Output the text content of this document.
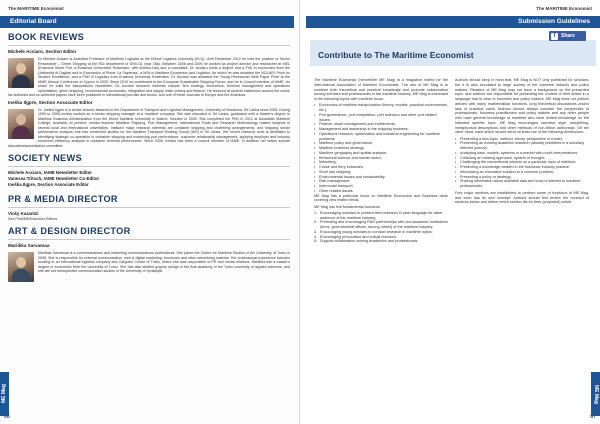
The MARITIME Economist
Editorial Board
BOOK REVIEWS
Michele Acciaro, Section Editor
Dr Michele Acciaro is Assistant Professor of Maritime Logistics at the Kühne Logistics University (KLU). Until December 2012 he held the position of Senior Researcher – Green Shipping at the R&I department of DNV-GL near Oslo. Between 2006 and 2009 he worked as project director and researcher at MEL (Erasmus Smart Port of Erasmus Universiteit Rotterdam, with Anthea-Lau) and a consultant. Dr. Acciaro holds a degree and a PhD in economics from the Università di Cagliari and in Economics of Rome 'La Sapienza', a MSc in Maritime Economics and Logistics, for which he was awarded the NOLARL Prize for Student Excellence, and a PhD in Logistics from Erasmus University Rotterdam. Dr. Acciaro was awarded the Young Researcher Best Paper Prize at the IAME Annual Conference in Cyprus in 2005. Since 2010 he contributed to the European Sustainable Shipping Forum, and he is Council member of IAME, for which he edits the Association's Newsletter. Dr. Acciaro research interests include: firm strategy, economics, terminal management and operations optimization, green shipping, environmental economics, integration and supply chain pricing and finance. He lectured at several institutions around the world; his authored and co-authored papers have been published in international journals and books, and one of these Journals in Europe and the Americas.
Ineška Ilgpre, Section Associate Editor
Dr. Ineška Ilgpre is a senior lecturer attached to the Department of Transport and Logistics Management, University of Moratuwa, Sri Lanka since 2006. During 1990 to 2006 Ineška worked as a senior shipping manager at a maritime company. She was educated in Sri Lanka, graduated with a Master's degree in Maritime Business Administration from the World Maritime University in Malmö, Sweden in 2000. She completed her PhD in 2012 at Australian Maritime College, Australia. At present, Ineška teaches Maritime Shipping, Port Management, International Trade and Research Methodology related subjects in several local and international universities. Ineška's major research interests are container shipping and chartering arrangements, and shipping sector performance analysis; she has conducted studies for the Maritime Transport Working Group (WG) in Sri Lanka. Her recent research work is dedicated to identifying strategic co-operation in container shipping and examining port performance, customer relationship management, applying employer and industry economic efficiency analysis in container terminal performance. Since 2006, Ineška has been a council member of IAME. In addition her duties include education/accreditation committee.
SOCIETY NEWS
Michele Acciaro, IAME Newsletter Editor
Vanessa Tritsch, IAME Newsletter Co-Editor
Ineška Ilgpre, Section Associate Editor
PR & MEDIA DIRECTOR
Vicky Kazantzi
See Print/MMG/section Editors
ART & DESIGN DIRECTOR
Mariikka Sarvamaa
Mariikka Sarvamaa is a communications and marketing communications professional. She joined the Centre for Maritime Studies of the University of Turku in 2008. She is responsible for external communication, web & digital marketing, brochures and other advertising material. Her professional experience includes working in an international logistics company and Cargotec Centre of Turku, where she was responsible of PR and media relations. Mariikka has a master's degree in economics from the University of Turku. She has also studied graphic design in the Arts academy of the Turku university of applied sciences, and she will not retrospective communication studies in the University of Jyväskylä.
ME Mag
66
The MARITIME Economist
Submission Guidelines
Contribute to The Maritime Economist
f	Share

The Maritime Economist (henceforth ME Mag) is a magazine edited for the International Association of Maritime Economists. The aim of ME Mag is to combine both theoretical and practical knowledge and promote collaboration among scholars and professionals in the maritime industry. ME Mag is interested in the following topics with maritime focus:

• Economics of maritime transportation (theory, models, practical controversies, etc.);
• Port governance, port competition, port selection and other port related issues;
• Finance, asset management and investments;
• Management and leadership in the shipping business;
• Operations research, optimization and industrial engineering for maritime problems;
• Maritime policy and governance;
• Maritime business strategy;
• Maritime geography and spatial analysis;
• Behavioral science and human factor;
• Marketing;
• Cruise and ferry industries;
• Short sea shipping;
• Environmental issues and sustainability;
• Risk management;
• Intermodal transport;
• Other related issues.

ME Mag has a particular focus on Maritime Economics and Business while covering new related fields.

ME Mag has five fundamental functions:

1. Encouraging scholars to present their research in plain language for wider audience of the maritime industry;
2. Promoting and encouraging R&D partnerships with non-academic institutions (firms, governmental offices, among others) of the maritime industry;
3. Encouraging young scholars to conduct research in maritime topics;
4. Encouraging provocative and critical research;
5. Support collaboration among academics and professionals.

Authors should keep in mind that, ME Mag is NOT only published for scholars, but it is also circulated to large society of the maritime industry and policy makers. Readers of ME Mag may not have a background on the presented topic, and authors are responsible for presenting the content of their article in a language that is clear to business and policy makers. ME Mag does not publish articles with many mathematical functions, long theoretical discussions and/or lack of practical value. Authors should always consider the perspective of professionals, business practitioners and policy makers and any other people who have general knowledge of maritime who have limited knowledge on the intended specific topic. ME Mag encourages narrative style, storytelling, metaphorical descriptions and other methods of non-fiction authorship. On the other hand, each article should serve at least one of the following dimensions:

• Presenting a new topic, method, theory, perspective or model;
• Presenting an existing academic research (already published in a scholarly referred journal);
• Analyzing data, models, systems or a market with novel interpretations;
• Criticizing an existing approach, system or thought;
• Challenging the conventional wisdom on a particular topic of maritime;
• Presenting a knowledge created in the business/ industry practice;
• Introducing an innovative solution to a common problem;
• Presenting a policy or strategy;
• Sharing information about available data and tools of interest to maritime professionals.

Four major sections are established to perform some of functions of ME Mag, and each has its own concept. Authors should first review the concept of sections below and define which section fits for their (proposed) article.

ME Mag
67
